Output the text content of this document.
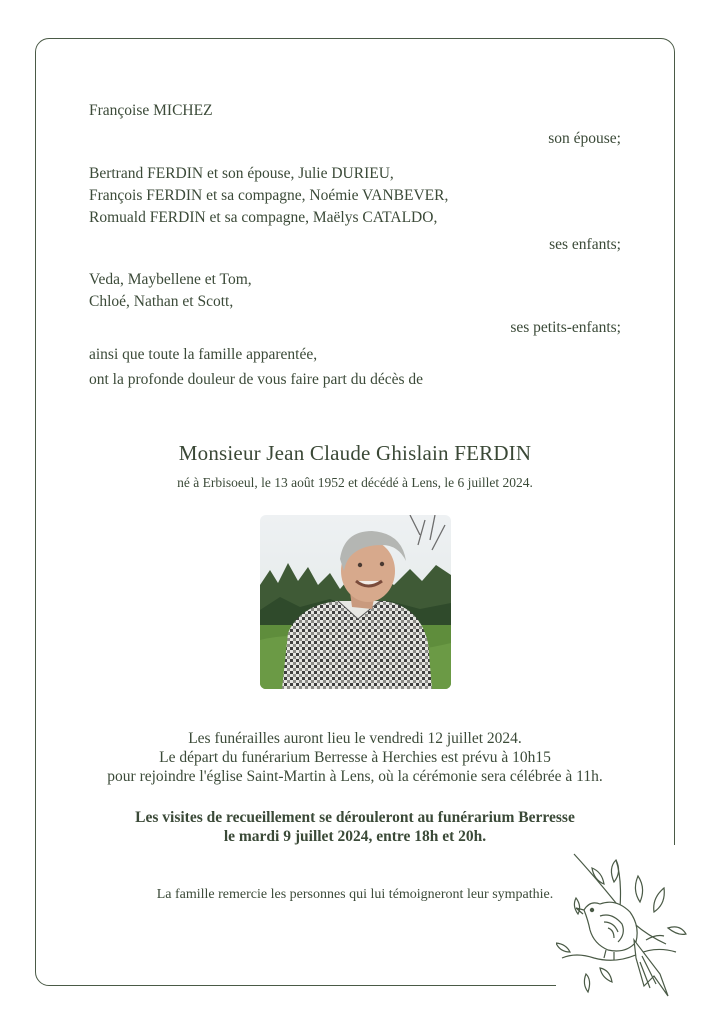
Françoise MICHEZ
son épouse;
Bertrand FERDIN et son épouse, Julie DURIEU,
François FERDIN et sa compagne, Noémie VANBEVER,
Romuald FERDIN et sa compagne, Maëlys CATALDO,
ses enfants;
Veda, Maybellene et Tom,
Chloé, Nathan et Scott,
ses petits-enfants;
ainsi que toute la famille apparentée,
ont la profonde douleur de vous faire part du décès de
Monsieur Jean Claude Ghislain FERDIN
né à Erbisoeul, le 13 août 1952 et décédé à Lens, le 6 juillet 2024.
Les funérailles auront lieu le vendredi 12 juillet 2024.
Le départ du funérarium Berresse à Herchies est prévu à 10h15
pour rejoindre l'église Saint-Martin à Lens, où la cérémonie sera célébrée à 11h.
Les visites de recueillement se dérouleront au funérarium Berresse
le mardi 9 juillet 2024, entre 18h et 20h.
La famille remercie les personnes qui lui témoigneront leur sympathie.
